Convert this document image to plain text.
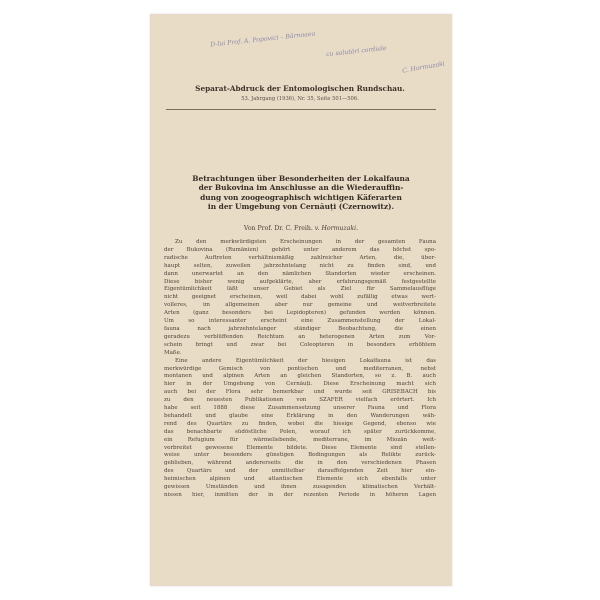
D-lui Prof. A. Popovici – Bârnoaea
cu salutări cordiale
C. Hormuzaki
Separat-Abdruck der Entomologischen Rundschau.
53. Jahrgang (1936), Nr. 35, Seite 501—506.
Betrachtungen über Besonderheiten der Lokalfauna
der Bukovina im Anschlusse an die Wiederauffin-
dung von zoogeographisch wichtigen Käferarten
in der Umgebung von Cernăuți (Czernowitz).
Von Prof. Dr. C. Freih. v. Hormuzaki.
Zu den merkwürdigsten Erscheinungen in der gesamten Fauna
der Bukovina (Rumänien) gehört unter anderem das höchst spo-
radische Auftreten verhältnismäßig zahlreicher Arten, die, über-
haupt selten, zuweilen jahrzehntelang nicht zu finden sind, und
dann unerwartet an den nämlichen Standorten wieder erscheinen.
Diese bisher wenig aufgeklärte, aber erfahrungsgemäß festgestellte
Eigentümlichkeit läßt unser Gebiet als Ziel für Sammelausflüge
nicht geeignet erscheinen, weil dabei wohl zufällig etwas wert-
volleres, im allgemeinen aber nur gemeine und weitverbreitete
Arten (ganz besonders bei Lepidopteren) gefunden werden können.
Um so interessanter erscheint eine Zusammenstellung der Lokal-
fauna nach jahrzehntelanger ständiger Beobachtung, die einen
geradezu verblüffenden Reichtum an heterogenen Arten zum Vor-
schein bringt und zwar bei Coleopteren in besonders erhöhtem
Maße.
Eine andere Eigentümlichkeit der hiesigen Lokalfauna ist das
merkwürdige Gemisch von pontischen und mediterranen, nebst
montanen und alpinen Arten an gleichen Standorten, so z. B. auch
hier in der Umgebung von Cernăuți. Diese Erscheinung macht sich
auch bei der Flora sehr bemerkbar und wurde seit GRISEBACH bis
zu den neuesten Publikationen von SZAFER vielfach erörtert. Ich
habe seit 1888 diese Zusammensetzung unserer Fauna und Flora
behandelt und glaube eine Erklärung in den Wanderungen wäh-
rend des Quartärs zu finden, wobei die hiesige Gegend, ebenso wie
das benachbarte südöstliche Polen, worauf ich später zurückkomme,
ein Refugium für wärmeliebende, mediterrane, im Miozän weit-
verbreitet gewesene Elemente bildete. Diese Elemente sind stellen-
weise unter besonders günstigen Bedingungen als Relikte zurück-
geblieben, während andererseits die in den verschiedenen Phasen
des Quartärs und der unmittelbar darauffolgenden Zeit hier ein-
heimischen alpinen und atlantischen Elemente sich ebenfalls unter
gewissen Umständen und ihnen zusagenden klimatischen Verhält-
nissen hier, inmitten der in der rezenten Periode in höheren Lagen
